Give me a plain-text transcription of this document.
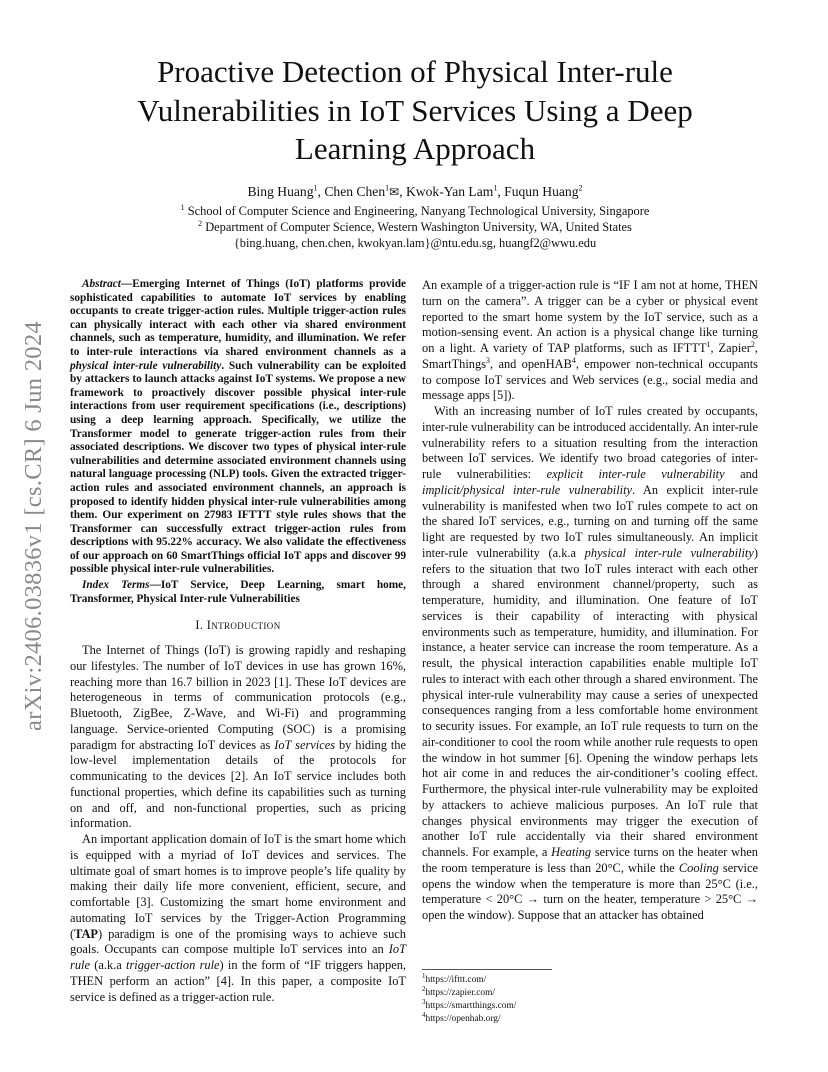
arXiv:2406.03836v1 [cs.CR] 6 Jun 2024
Proactive Detection of Physical Inter-rule Vulnerabilities in IoT Services Using a Deep Learning Approach
Bing Huang$^1$, Chen Chen$^1$✉, Kwok-Yan Lam$^1$, Fuqun Huang$^2$
$^1$ School of Computer Science and Engineering, Nanyang Technological University, Singapore
$^2$ Department of Computer Science, Western Washington University, WA, United States
{bing.huang, chen.chen, kwokyan.lam}@ntu.edu.sg, huangf2@wwu.edu

Abstract—Emerging Internet of Things (IoT) platforms provide sophisticated capabilities to automate IoT services by enabling occupants to create trigger-action rules. Multiple trigger-action rules can physically interact with each other via shared environment channels, such as temperature, humidity, and illumination. We refer to inter-rule interactions via shared environment channels as a physical inter-rule vulnerability. Such vulnerability can be exploited by attackers to launch attacks against IoT systems. We propose a new framework to proactively discover possible physical inter-rule interactions from user requirement specifications (i.e., descriptions) using a deep learning approach. Specifically, we utilize the Transformer model to generate trigger-action rules from their associated descriptions. We discover two types of physical inter-rule vulnerabilities and determine associated environment channels using natural language processing (NLP) tools. Given the extracted trigger-action rules and associated environment channels, an approach is proposed to identify hidden physical inter-rule vulnerabilities among them. Our experiment on 27983 IFTTT style rules shows that the Transformer can successfully extract trigger-action rules from descriptions with 95.22% accuracy. We also validate the effectiveness of our approach on 60 SmartThings official IoT apps and discover 99 possible physical inter-rule vulnerabilities.

Index Terms—IoT Service, Deep Learning, smart home, Transformer, Physical Inter-rule Vulnerabilities

I. Introduction

The Internet of Things (IoT) is growing rapidly and reshaping our lifestyles. The number of IoT devices in use has grown 16%, reaching more than 16.7 billion in 2023 [1]. These IoT devices are heterogeneous in terms of communication protocols (e.g., Bluetooth, ZigBee, Z-Wave, and Wi-Fi) and programming language. Service-oriented Computing (SOC) is a promising paradigm for abstracting IoT devices as IoT services by hiding the low-level implementation details of the protocols for communicating to the devices [2]. An IoT service includes both functional properties, which define its capabilities such as turning on and off, and non-functional properties, such as pricing information.

An important application domain of IoT is the smart home which is equipped with a myriad of IoT devices and services. The ultimate goal of smart homes is to improve people’s life quality by making their daily life more convenient, efficient, secure, and comfortable [3]. Customizing the smart home environment and automating IoT services by the Trigger-Action Programming (TAP) paradigm is one of the promising ways to achieve such goals. Occupants can compose multiple IoT services into an IoT rule (a.k.a trigger-action rule) in the form of “IF triggers happen, THEN perform an action” [4]. In this paper, a composite IoT service is defined as a trigger-action rule.

An example of a trigger-action rule is “IF I am not at home, THEN turn on the camera”. A trigger can be a cyber or physical event reported to the smart home system by the IoT service, such as a motion-sensing event. An action is a physical change like turning on a light. A variety of TAP platforms, such as IFTTT$^1$, Zapier$^2$, SmartThings$^3$, and openHAB$^4$, empower non-technical occupants to compose IoT services and Web services (e.g., social media and message apps [5]).

With an increasing number of IoT rules created by occupants, inter-rule vulnerability can be introduced accidentally. An inter-rule vulnerability refers to a situation resulting from the interaction between IoT services. We identify two broad categories of inter-rule vulnerabilities: explicit inter-rule vulnerability and implicit/physical inter-rule vulnerability. An explicit inter-rule vulnerability is manifested when two IoT rules compete to act on the shared IoT services, e.g., turning on and turning off the same light are requested by two IoT rules simultaneously. An implicit inter-rule vulnerability (a.k.a physical inter-rule vulnerability) refers to the situation that two IoT rules interact with each other through a shared environment channel/property, such as temperature, humidity, and illumination. One feature of IoT services is their capability of interacting with physical environments such as temperature, humidity, and illumination. For instance, a heater service can increase the room temperature. As a result, the physical interaction capabilities enable multiple IoT rules to interact with each other through a shared environment. The physical inter-rule vulnerability may cause a series of unexpected consequences ranging from a less comfortable home environment to security issues. For example, an IoT rule requests to turn on the air-conditioner to cool the room while another rule requests to open the window in hot summer [6]. Opening the window perhaps lets hot air come in and reduces the air-conditioner’s cooling effect. Furthermore, the physical inter-rule vulnerability may be exploited by attackers to achieve malicious purposes. An IoT rule that changes physical environments may trigger the execution of another IoT rule accidentally via their shared environment channels. For example, a Heating service turns on the heater when the room temperature is less than 20°C, while the Cooling service opens the window when the temperature is more than 25°C (i.e., temperature < 20°C → turn on the heater, temperature > 25°C → open the window). Suppose that an attacker has obtained

$^1$https://ifttt.com/
$^2$https://zapier.com/
$^3$https://smartthings.com/
$^4$https://openhab.org/
